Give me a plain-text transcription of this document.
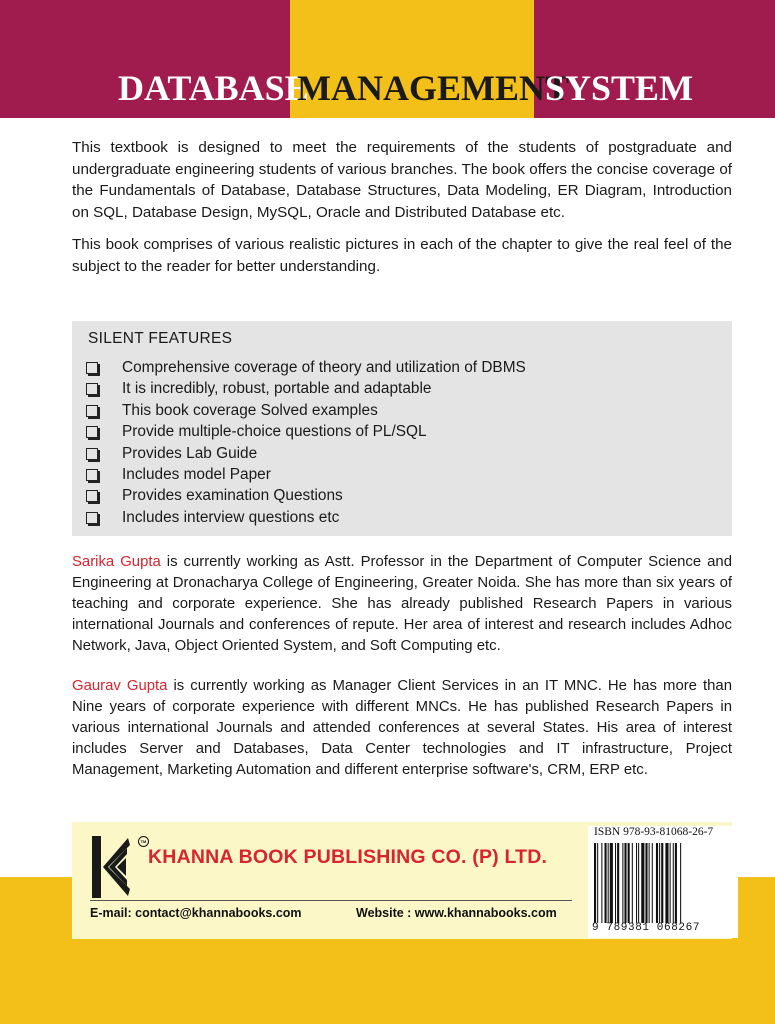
DATABASE
MANAGEMENT
SYSTEM

This textbook is designed to meet the requirements of the students of postgraduate and undergraduate engineering students of various branches. The book offers the concise coverage of the Fundamentals of Database, Database Structures, Data Modeling, ER Diagram, Introduction on SQL, Database Design, MySQL, Oracle and Distributed Database etc.

This book comprises of various realistic pictures in each of the chapter to give the real feel of the subject to the reader for better understanding.

SILENT FEATURES
Comprehensive coverage of theory and utilization of DBMS
It is incredibly, robust, portable and adaptable
This book coverage Solved examples
Provide multiple-choice questions of PL/SQL
Provides Lab Guide
Includes model Paper
Provides examination Questions
Includes interview questions etc
Sarika Gupta is currently working as Astt. Professor in the Department of Computer Science and Engineering at Dronacharya College of Engineering, Greater Noida. She has more than six years of teaching and corporate experience. She has already published Research Papers in various international Journals and conferences of repute. Her area of interest and research includes Adhoc Network, Java, Object Oriented System, and Soft Computing etc.
Gaurav Gupta is currently working as Manager Client Services in an IT MNC. He has more than Nine years of corporate experience with different MNCs. He has published Research Papers in various international Journals and attended conferences at several States. His area of interest includes Server and Databases, Data Center technologies and IT infrastructure, Project Management, Marketing Automation and different enterprise software's, CRM, ERP etc.
TM
KHANNA BOOK PUBLISHING CO. (P) LTD.
E-mail: contact@khannabooks.com	Website : www.khannabooks.com
ISBN 978-93-81068-26-7
9 789381 068267
